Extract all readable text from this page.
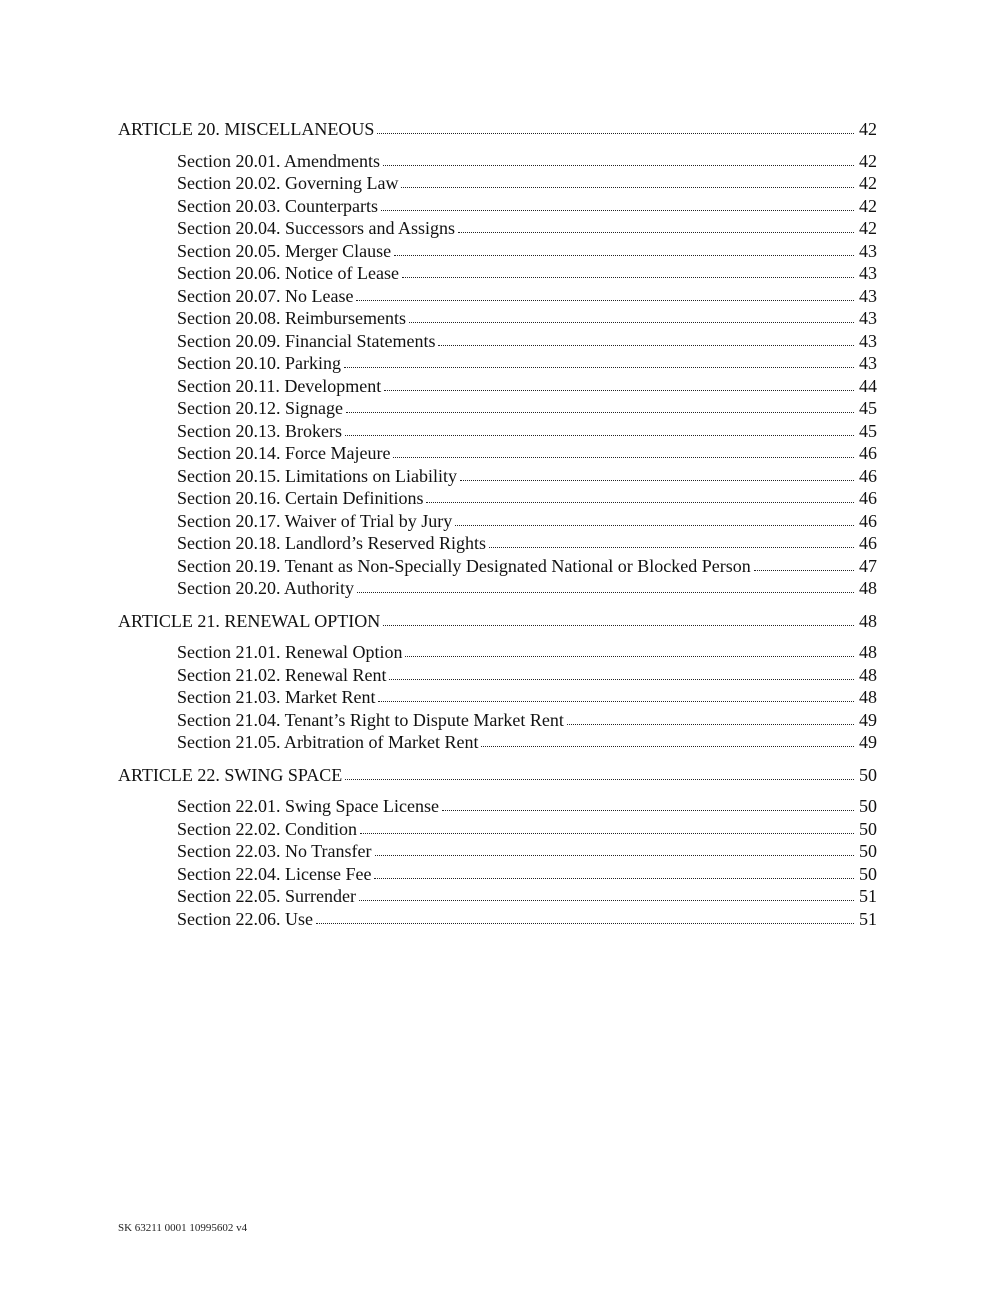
ARTICLE 20. MISCELLANEOUS	42
Section 20.01. Amendments	42
Section 20.02. Governing Law	42
Section 20.03. Counterparts	42
Section 20.04. Successors and Assigns	42
Section 20.05. Merger Clause	43
Section 20.06. Notice of Lease	43
Section 20.07. No Lease	43
Section 20.08. Reimbursements	43
Section 20.09. Financial Statements	43
Section 20.10. Parking	43
Section 20.11. Development	44
Section 20.12. Signage	45
Section 20.13. Brokers	45
Section 20.14. Force Majeure	46
Section 20.15. Limitations on Liability	46
Section 20.16. Certain Definitions	46
Section 20.17. Waiver of Trial by Jury	46
Section 20.18. Landlord’s Reserved Rights	46
Section 20.19. Tenant as Non-Specially Designated National or Blocked Person	47
Section 20.20. Authority	48
ARTICLE 21. RENEWAL OPTION	48
Section 21.01. Renewal Option	48
Section 21.02. Renewal Rent	48
Section 21.03. Market Rent	48
Section 21.04. Tenant’s Right to Dispute Market Rent	49
Section 21.05. Arbitration of Market Rent	49
ARTICLE 22. SWING SPACE	50
Section 22.01. Swing Space License	50
Section 22.02. Condition	50
Section 22.03. No Transfer	50
Section 22.04. License Fee	50
Section 22.05. Surrender	51
Section 22.06. Use	51
SK 63211 0001 10995602 v4
